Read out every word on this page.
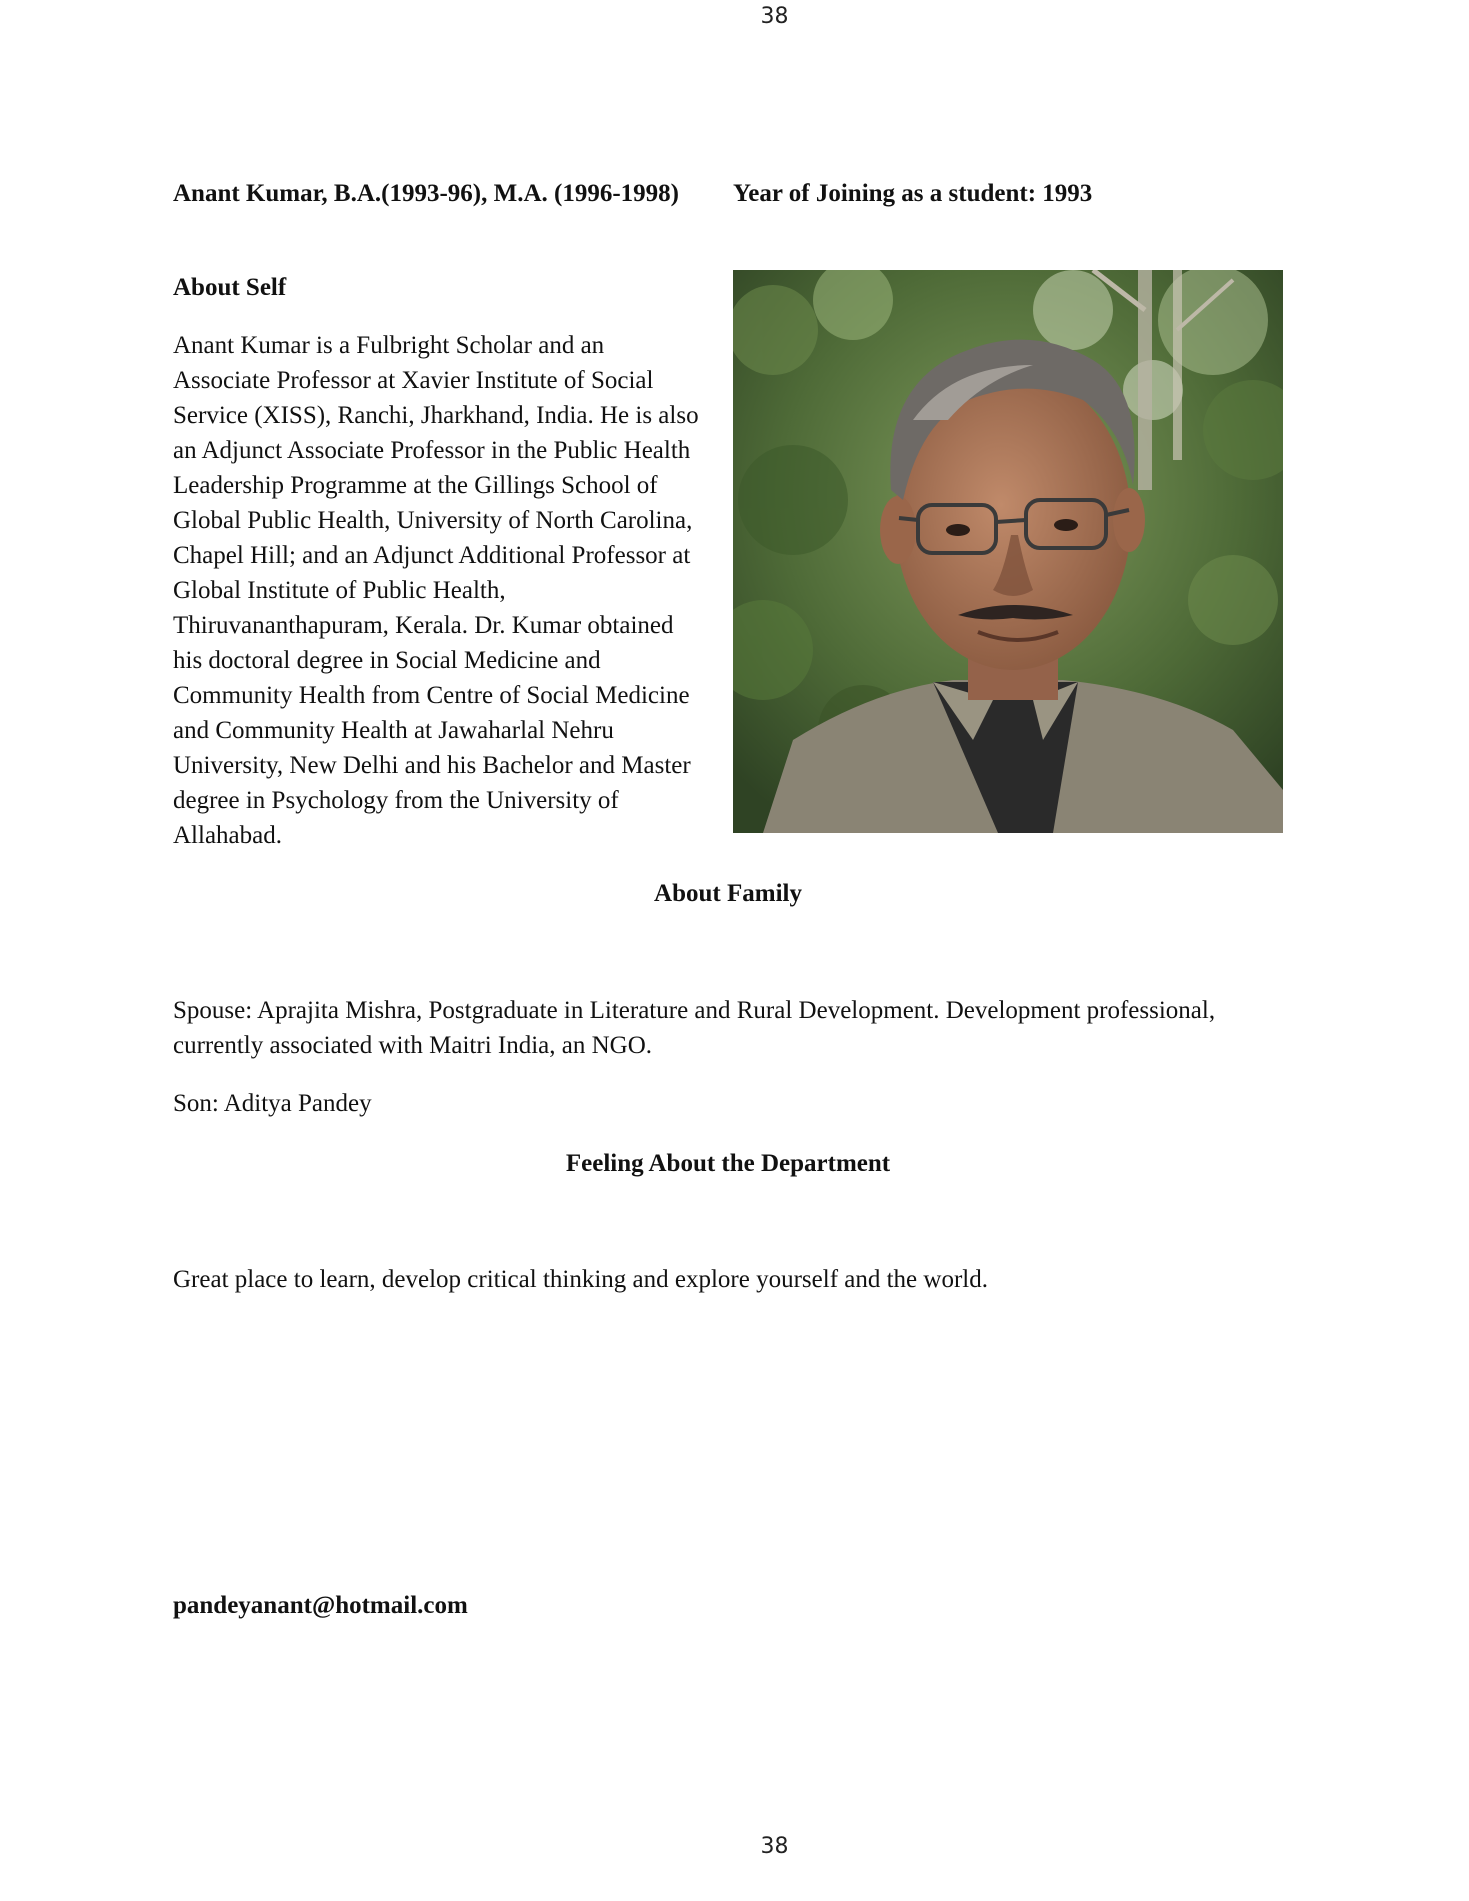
38
Anant Kumar, B.A.(1993-96), M.A. (1996-1998) Year of Joining as a student: 1993
About Self
Anant Kumar is a Fulbright Scholar and an Associate Professor at Xavier Institute of Social Service (XISS), Ranchi, Jharkhand, India. He is also an Adjunct Associate Professor in the Public Health Leadership Programme at the Gillings School of Global Public Health, University of North Carolina, Chapel Hill; and an Adjunct Additional Professor at Global Institute of Public Health, Thiruvananthapuram, Kerala. Dr. Kumar obtained his doctoral degree in Social Medicine and Community Health from Centre of Social Medicine and Community Health at Jawaharlal Nehru University, New Delhi and his Bachelor and Master degree in Psychology from the University of Allahabad.
About Family
Spouse: Aprajita Mishra, Postgraduate in Literature and Rural Development. Development professional, currently associated with Maitri India, an NGO.
Son: Aditya Pandey
Feeling About the Department
Great place to learn, develop critical thinking and explore yourself and the world.
pandeyanant@hotmail.com
38
